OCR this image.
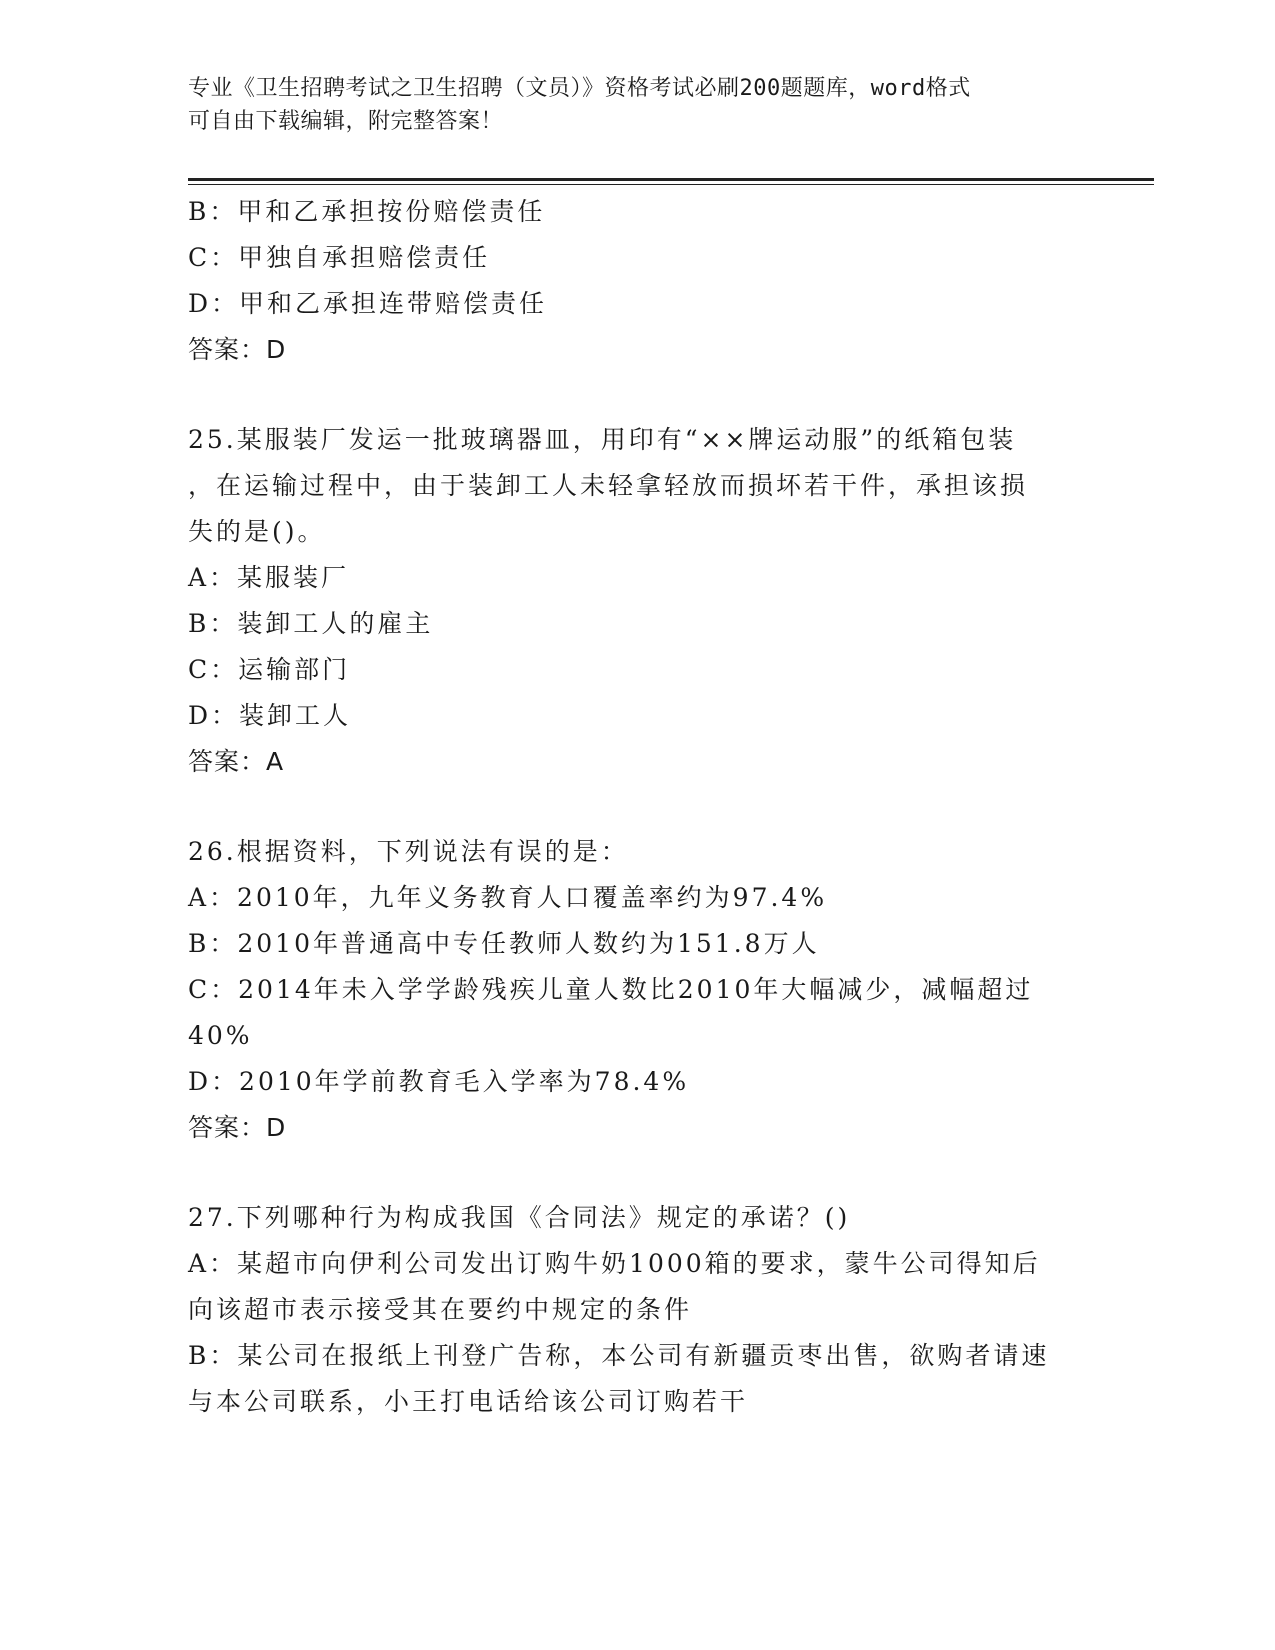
专业《卫生招聘考试之卫生招聘（文员）》资格考试必刷200题题库，word格式
可自由下载编辑，附完整答案！
B：甲和乙承担按份赔偿责任
C：甲独自承担赔偿责任
D：甲和乙承担连带赔偿责任
答案：D
25.某服装厂发运一批玻璃器皿，用印有“××牌运动服”的纸箱包装
，在运输过程中，由于装卸工人未轻拿轻放而损坏若干件，承担该损
失的是()。
A：某服装厂
B：装卸工人的雇主
C：运输部门
D：装卸工人
答案：A
26.根据资料，下列说法有误的是：
A：2010年，九年义务教育人口覆盖率约为97.4%
B：2010年普通高中专任教师人数约为151.8万人
C：2014年未入学学龄残疾儿童人数比2010年大幅减少，减幅超过
40%
D：2010年学前教育毛入学率为78.4%
答案：D
27.下列哪种行为构成我国《合同法》规定的承诺？()
A：某超市向伊利公司发出订购牛奶1000箱的要求，蒙牛公司得知后
向该超市表示接受其在要约中规定的条件
B：某公司在报纸上刊登广告称，本公司有新疆贡枣出售，欲购者请速
与本公司联系，小王打电话给该公司订购若干
